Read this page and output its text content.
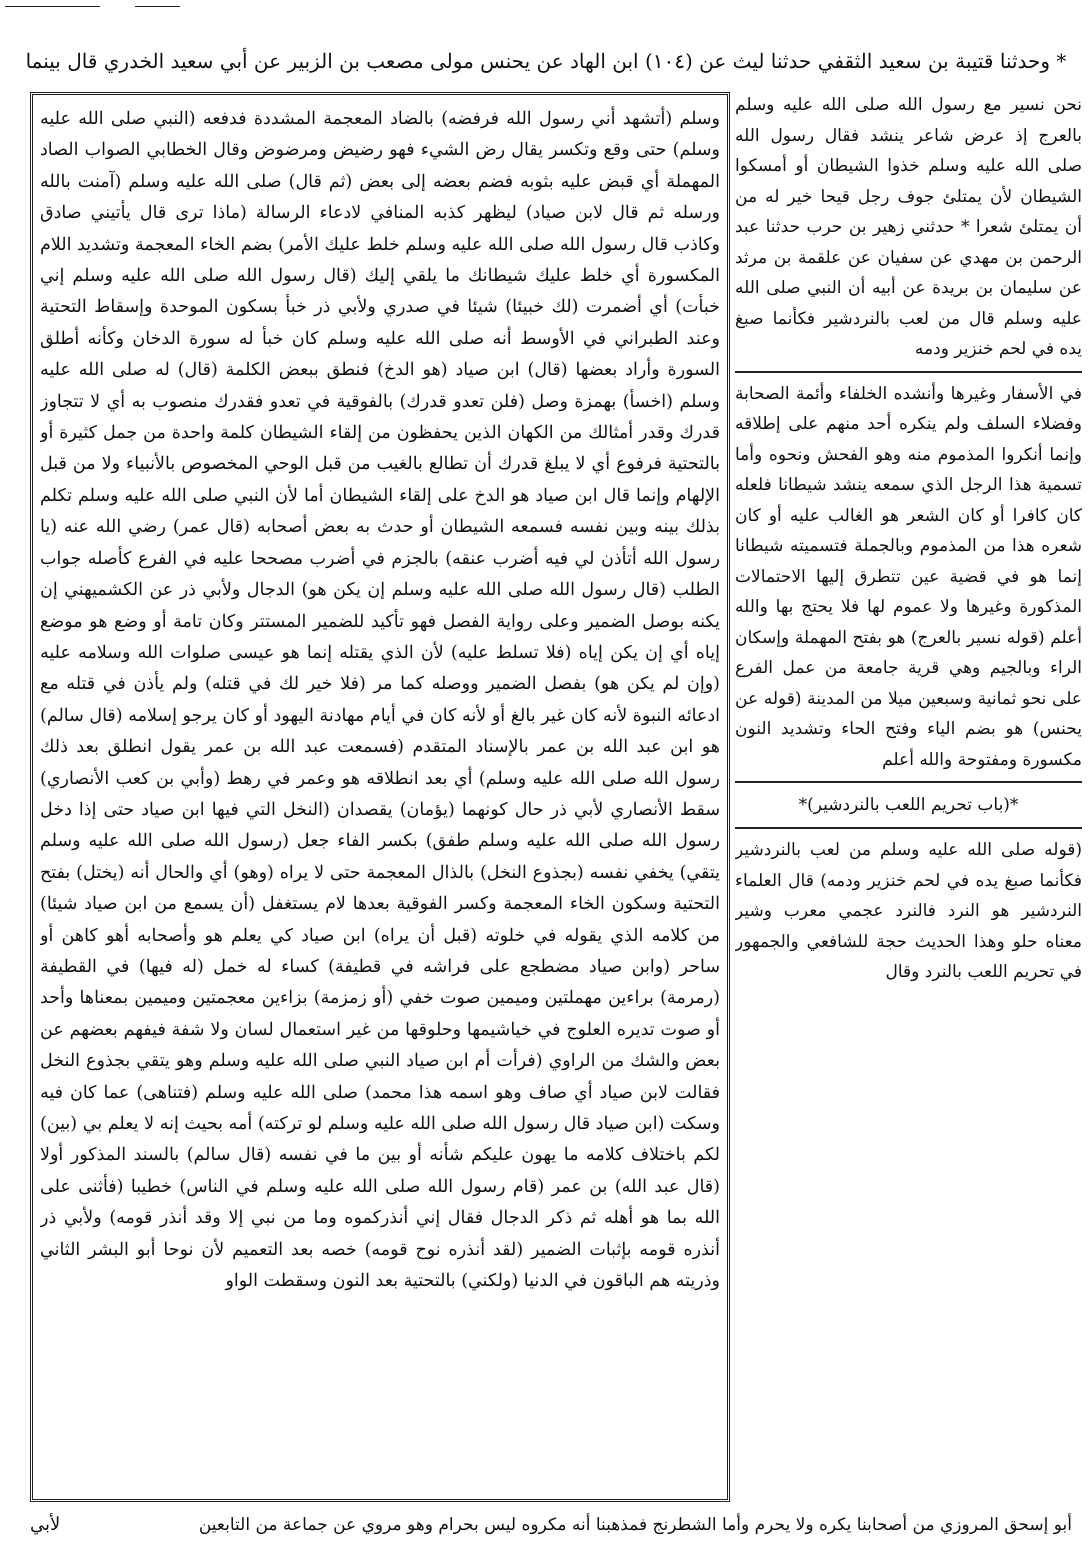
* وحدثنا قتيبة بن سعيد الثقفي حدثنا ليث عن (١٠٤) ابن الهاد عن يحنس مولى مصعب بن الزبير عن أبي سعيد الخدري قال بينما

نحن نسير مع رسول الله صلى الله عليه وسلم بالعرج إذ عرض شاعر ينشد فقال رسول الله صلى الله عليه وسلم خذوا الشيطان أو أمسكوا الشيطان لأن يمتلئ جوف رجل قيحا خير له من أن يمتلئ شعرا * حدثني زهير بن حرب حدثنا عبد الرحمن بن مهدي عن سفيان عن علقمة بن مرثد عن سليمان بن بريدة عن أبيه أن النبي صلى الله عليه وسلم قال من لعب بالنردشير فكأنما صبغ يده في لحم خنزير ودمه

في الأسفار وغيرها وأنشده الخلفاء وأئمة الصحابة وفضلاء السلف ولم ينكره أحد منهم على إطلاقه وإنما أنكروا المذموم منه وهو الفحش ونحوه وأما تسمية هذا الرجل الذي سمعه ينشد شيطانا فلعله كان كافرا أو كان الشعر هو الغالب عليه أو كان شعره هذا من المذموم وبالجملة فتسميته شيطانا إنما هو في قضية عين تتطرق إليها الاحتمالات المذكورة وغيرها ولا عموم لها فلا يحتج بها والله أعلم (قوله نسير بالعرج) هو بفتح المهملة وإسكان الراء وبالجيم وهي قرية جامعة من عمل الفرع على نحو ثمانية وسبعين ميلا من المدينة (قوله عن يحنس) هو بضم الياء وفتح الحاء وتشديد النون مكسورة ومفتوحة والله أعلم

*(باب تحريم اللعب بالنردشير)*

(قوله صلى الله عليه وسلم من لعب بالنردشير فكأنما صبغ يده في لحم خنزير ودمه) قال العلماء النردشير هو النرد فالنرد عجمي معرب وشير معناه حلو وهذا الحديث حجة للشافعي والجمهور في تحريم اللعب بالنرد وقال

وسلم (أتشهد أني رسول الله فرفضه) بالضاد المعجمة المشددة فدفعه (النبي صلى الله عليه وسلم) حتى وقع وتكسر يقال رض الشيء فهو رضيض ومرضوض وقال الخطابي الصواب الصاد المهملة أي قبض عليه بثوبه فضم بعضه إلى بعض (ثم قال) صلى الله عليه وسلم (آمنت بالله ورسله ثم قال لابن صياد) ليظهر كذبه المنافي لادعاء الرسالة (ماذا ترى قال يأتيني صادق وكاذب قال رسول الله صلى الله عليه وسلم خلط عليك الأمر) بضم الخاء المعجمة وتشديد اللام المكسورة أي خلط عليك شيطانك ما يلقي إليك (قال رسول الله صلى الله عليه وسلم إني خبأت) أي أضمرت (لك خبيئا) شيئا في صدري ولأبي ذر خبأ بسكون الموحدة وإسقاط التحتية وعند الطبراني في الأوسط أنه صلى الله عليه وسلم كان خبأ له سورة الدخان وكأنه أطلق السورة وأراد بعضها (قال) ابن صياد (هو الدخ) فنطق ببعض الكلمة (قال) له صلى الله عليه وسلم (اخسأ) بهمزة وصل (فلن تعدو قدرك) بالفوقية في تعدو فقدرك منصوب به أي لا تتجاوز قدرك وقدر أمثالك من الكهان الذين يحفظون من إلقاء الشيطان كلمة واحدة من جمل كثيرة أو بالتحتية فرفوع أي لا يبلغ قدرك أن تطالع بالغيب من قبل الوحي المخصوص بالأنبياء ولا من قبل الإلهام وإنما قال ابن صياد هو الدخ على إلقاء الشيطان أما لأن النبي صلى الله عليه وسلم تكلم بذلك بينه وبين نفسه فسمعه الشيطان أو حدث به بعض أصحابه (قال عمر) رضي الله عنه (يا رسول الله أتأذن لي فيه أضرب عنقه) بالجزم في أضرب مصححا عليه في الفرع كأصله جواب الطلب (قال رسول الله صلى الله عليه وسلم إن يكن هو) الدجال ولأبي ذر عن الكشميهني إن يكنه بوصل الضمير وعلى رواية الفصل فهو تأكيد للضمير المستتر وكان تامة أو وضع هو موضع إياه أي إن يكن إياه (فلا تسلط عليه) لأن الذي يقتله إنما هو عيسى صلوات الله وسلامه عليه (وإن لم يكن هو) بفصل الضمير ووصله كما مر (فلا خير لك في قتله) ولم يأذن في قتله مع ادعائه النبوة لأنه كان غير بالغ أو لأنه كان في أيام مهادنة اليهود أو كان يرجو إسلامه (قال سالم) هو ابن عبد الله بن عمر بالإسناد المتقدم (فسمعت عبد الله بن عمر يقول انطلق بعد ذلك رسول الله صلى الله عليه وسلم) أي بعد انطلاقه هو وعمر في رهط (وأبي بن كعب الأنصاري) سقط الأنصاري لأبي ذر حال كونهما (يؤمان) يقصدان (النخل التي فيها ابن صياد حتى إذا دخل رسول الله صلى الله عليه وسلم طفق) بكسر الفاء جعل (رسول الله صلى الله عليه وسلم يتقي) يخفي نفسه (بجذوع النخل) بالذال المعجمة حتى لا يراه (وهو) أي والحال أنه (يختل) بفتح التحتية وسكون الخاء المعجمة وكسر الفوقية بعدها لام يستغفل (أن يسمع من ابن صياد شيئا) من كلامه الذي يقوله في خلوته (قبل أن يراه) ابن صياد كي يعلم هو وأصحابه أهو كاهن أو ساحر (وابن صياد مضطجع على فراشه في قطيفة) كساء له خمل (له فيها) في القطيفة (رمرمة) براءين مهملتين وميمين صوت خفي (أو زمزمة) بزاءين معجمتين وميمين بمعناها وأحد أو صوت تديره العلوج في خياشيمها وحلوقها من غير استعمال لسان ولا شفة فيفهم بعضهم عن بعض والشك من الراوي (فرأت أم ابن صياد النبي صلى الله عليه وسلم وهو يتقي بجذوع النخل فقالت لابن صياد أي صاف وهو اسمه هذا محمد) صلى الله عليه وسلم (فتناهى) عما كان فيه وسكت (ابن صياد قال رسول الله صلى الله عليه وسلم لو تركته) أمه بحيث إنه لا يعلم بي (بين) لكم باختلاف كلامه ما يهون عليكم شأنه أو بين ما في نفسه (قال سالم) بالسند المذكور أولا (قال عبد الله) بن عمر (قام رسول الله صلى الله عليه وسلم في الناس) خطيبا (فأثنى على الله بما هو أهله ثم ذكر الدجال فقال إني أنذركموه وما من نبي إلا وقد أنذر قومه) ولأبي ذر أنذره قومه بإثبات الضمير (لقد أنذره نوح قومه) خصه بعد التعميم لأن نوحا أبو البشر الثاني وذريته هم الباقون في الدنيا (ولكني) بالتحتية بعد النون وسقطت الواو

أبو إسحق المروزي من أصحابنا يكره ولا يحرم وأما الشطرنج فمذهبنا أنه مكروه ليس بحرام وهو مروي عن جماعة من التابعين
لأبي
